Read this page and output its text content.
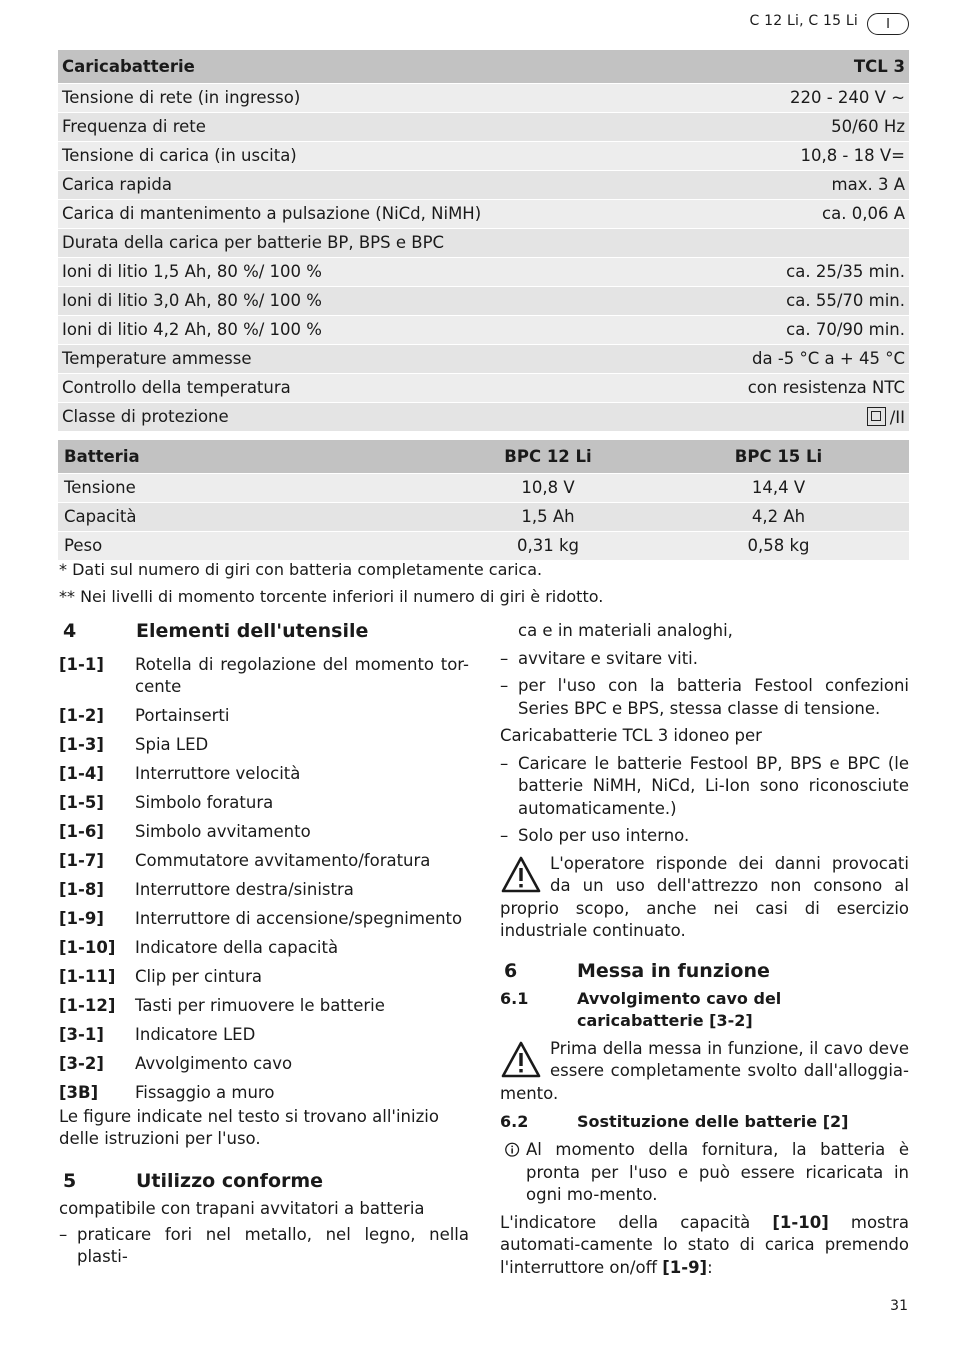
C 12 Li, C 15 Li	I
Caricabatterie	TCL 3
Tensione di rete (in ingresso)	220 - 240 V ~
Frequenza di rete	50/60 Hz
Tensione di carica (in uscita)	10,8 - 18 V=
Carica rapida	max. 3 A
Carica di mantenimento a pulsazione (NiCd, NiMH)	ca. 0,06 A
Durata della carica per batterie BP, BPS e BPC	
Ioni di litio 1,5 Ah, 80 %/ 100 %	ca. 25/35 min.
Ioni di litio 3,0 Ah, 80 %/ 100 %	ca. 55/70 min.
Ioni di litio 4,2 Ah, 80 %/ 100 %	ca. 70/90 min.
Temperature ammesse	da -5 °C a + 45 °C
Controllo della temperatura	con resistenza NTC
Classe di protezione	/II
Batteria	BPC 12 Li	BPC 15 Li
Tensione	10,8 V	14,4 V
Capacità	1,5 Ah	4,2 Ah
Peso	0,31 kg	0,58 kg
* Dati sul numero di giri con batteria completamente carica.
** Nei livelli di momento torcente inferiori il numero di giri è ridotto.
4	Elementi dell'utensile
[1-1]	Rotella di regolazione del momento tor-cente
[1-2]	Portainserti
[1-3]	Spia LED
[1-4]	Interruttore velocità
[1-5]	Simbolo foratura
[1-6]	Simbolo avvitamento
[1-7]	Commutatore avvitamento/foratura
[1-8]	Interruttore destra/sinistra
[1-9]	Interruttore di accensione/spegnimento
[1-10]	Indicatore della capacità
[1-11]	Clip per cintura
[1-12]	Tasti per rimuovere le batterie
[3-1]	Indicatore LED
[3-2]	Avvolgimento cavo
[3B]	Fissaggio a muro

Le figure indicate nel testo si trovano all'inizio delle istruzioni per l'uso.

5	Utilizzo conforme

compatibile con trapani avvitatori a batteria

– praticare fori nel metallo, nel legno, nella plasti-
ca e in materiali analoghi,
– avvitare e svitare viti.
– per l'uso con la batteria Festool confezioni Series BPC e BPS, stessa classe di tensione.

Caricabatterie TCL 3 idoneo per

– Caricare le batterie Festool BP, BPS e BPC (le batterie NiMH, NiCd, Li-Ion sono riconosciute automaticamente.)
– Solo per uso interno.
L'operatore risponde dei danni provocati da un uso dell'attrezzo non consono al proprio scopo, anche nei casi di esercizio industriale continuato.
6	Messa in funzione
6.1	Avvolgimento cavo del caricabatterie [3-2]
Prima della messa in funzione, il cavo deve essere completamente svolto dall'alloggia-mento.
6.2	Sostituzione delle batterie [2]
Al momento della fornitura, la batteria è pronta per l'uso e può essere ricaricata in ogni mo-mento.

L'indicatore della capacità [1-10] mostra automati-camente lo stato di carica premendo l'interruttore on/off [1-9]:

31
